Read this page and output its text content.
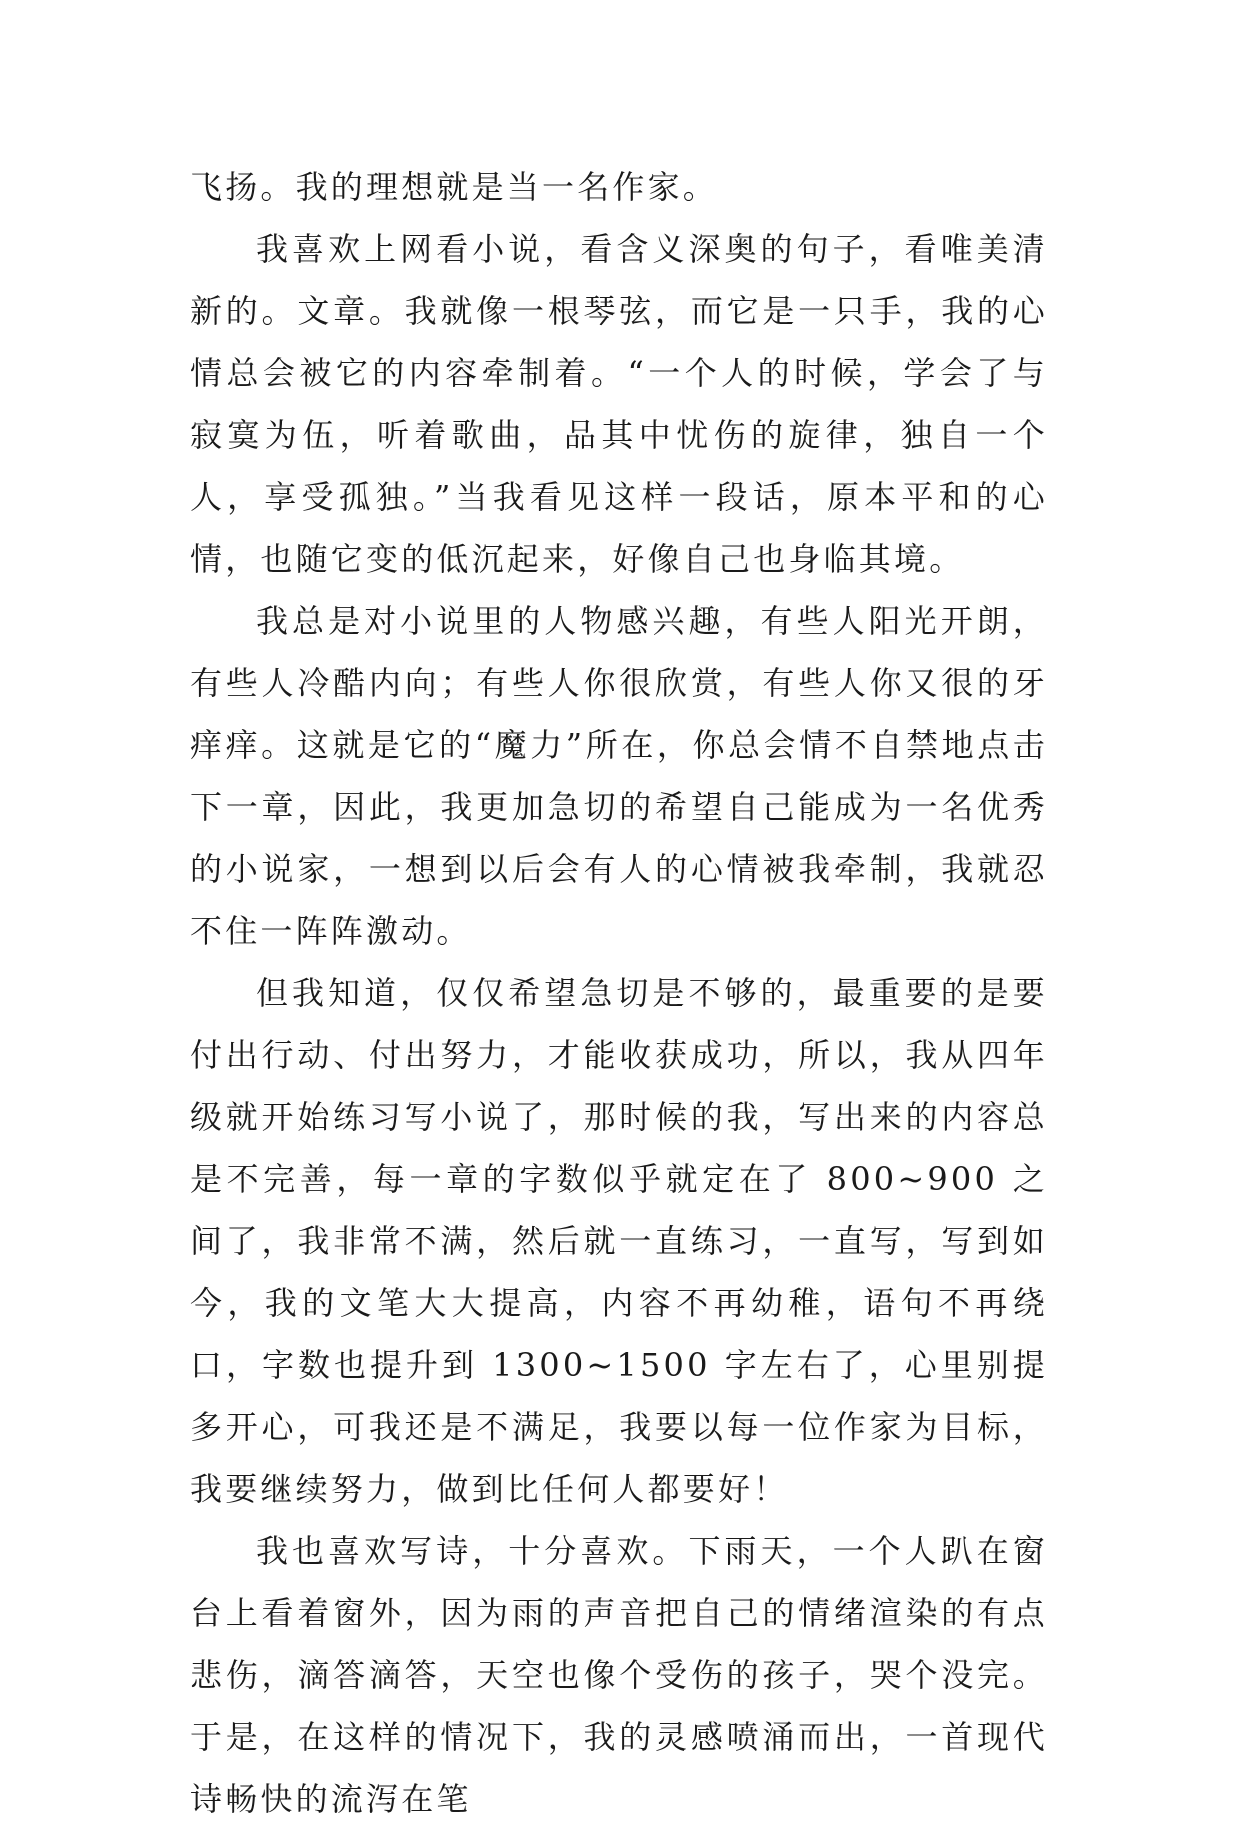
飞扬。我的理想就是当一名作家。

我喜欢上网看小说，看含义深奥的句子，看唯美清新的。文章。我就像一根琴弦，而它是一只手，我的心情总会被它的内容牵制着。“一个人的时候，学会了与寂寞为伍，听着歌曲，品其中忧伤的旋律，独自一个人，享受孤独。”当我看见这样一段话，原本平和的心情，也随它变的低沉起来，好像自己也身临其境。

我总是对小说里的人物感兴趣，有些人阳光开朗，有些人冷酷内向；有些人你很欣赏，有些人你又很的牙痒痒。这就是它的“魔力”所在，你总会情不自禁地点击下一章，因此，我更加急切的希望自己能成为一名优秀的小说家，一想到以后会有人的心情被我牵制，我就忍不住一阵阵激动。

但我知道，仅仅希望急切是不够的，最重要的是要付出行动、付出努力，才能收获成功，所以，我从四年级就开始练习写小说了，那时候的我，写出来的内容总是不完善，每一章的字数似乎就定在了 800~900 之间了，我非常不满，然后就一直练习，一直写，写到如今，我的文笔大大提高，内容不再幼稚，语句不再绕口，字数也提升到 1300~1500 字左右了，心里别提多开心，可我还是不满足，我要以每一位作家为目标，我要继续努力，做到比任何人都要好！

我也喜欢写诗，十分喜欢。下雨天，一个人趴在窗台上看着窗外，因为雨的声音把自己的情绪渲染的有点悲伤，滴答滴答，天空也像个受伤的孩子，哭个没完。于是，在这样的情况下，我的灵感喷涌而出，一首现代诗畅快的流泻在笔
